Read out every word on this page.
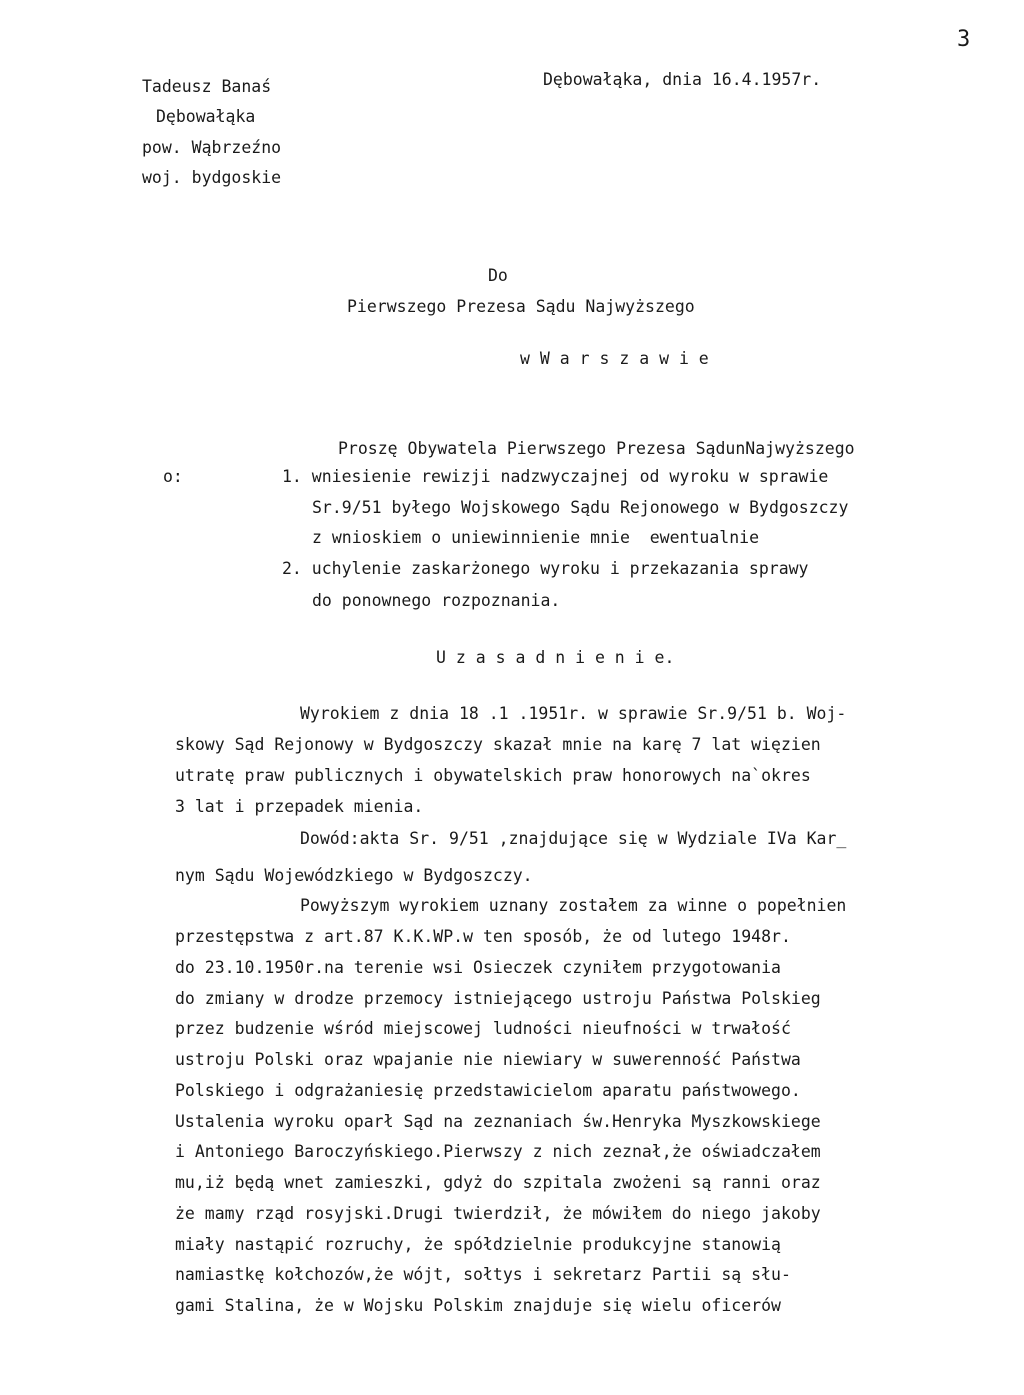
3
Tadeusz Banaś
Dębowałąka
pow. Wąbrzeźno
woj. bydgoskie
Dębowałąka, dnia 16.4.1957r.
Do
Pierwszego Prezesa Sądu Najwyższego
w W a r s z a w i e
Proszę Obywatela Pierwszego Prezesa SądunNajwyższego
o:	1. wniesienie rewizji nadzwyczajnej od wyroku w sprawie
Sr.9/51 byłego Wojskowego Sądu Rejonowego w Bydgoszczy
z wnioskiem o uniewinnienie mnie  ewentualnie
2. uchylenie zaskarżonego wyroku i przekazania sprawy
do ponownego rozpoznania.
U z a s a d n i e n i e.
Wyrokiem z dnia 18 .1 .1951r. w sprawie Sr.9/51 b. Woj-
skowy Sąd Rejonowy w Bydgoszczy skazał mnie na karę 7 lat więzien
utratę praw publicznych i obywatelskich praw honorowych na`okres
3 lat i przepadek mienia.
Dowód:akta Sr. 9/51 ,znajdujące się w Wydziale IVa Kar_
nym Sądu Wojewódzkiego w Bydgoszczy.
Powyższym wyrokiem uznany zostałem za winne o popełnien
przestępstwa z art.87 K.K.WP.w ten sposób, że od lutego 1948r.
do 23.10.1950r.na terenie wsi Osieczek czyniłem przygotowania
do zmiany w drodze przemocy istniejącego ustroju Państwa Polskieg
przez budzenie wśród miejscowej ludności nieufności w trwałość
ustroju Polski oraz wpajanie nie niewiary w suwerenność Państwa
Polskiego i odgrażaniesię przedstawicielom aparatu państwowego.
Ustalenia wyroku oparł Sąd na zeznaniach św.Henryka Myszkowskiege
i Antoniego Baroczyńskiego.Pierwszy z nich zeznał,że oświadczałem
mu,iż będą wnet zamieszki, gdyż do szpitala zwożeni są ranni oraz
że mamy rząd rosyjski.Drugi twierdził, że mówiłem do niego jakoby
miały nastąpić rozruchy, że spółdzielnie produkcyjne stanowią
namiastkę kołchozów,że wójt, sołtys i sekretarz Partii są słu-
gami Stalina, że w Wojsku Polskim znajduje się wielu oficerów
